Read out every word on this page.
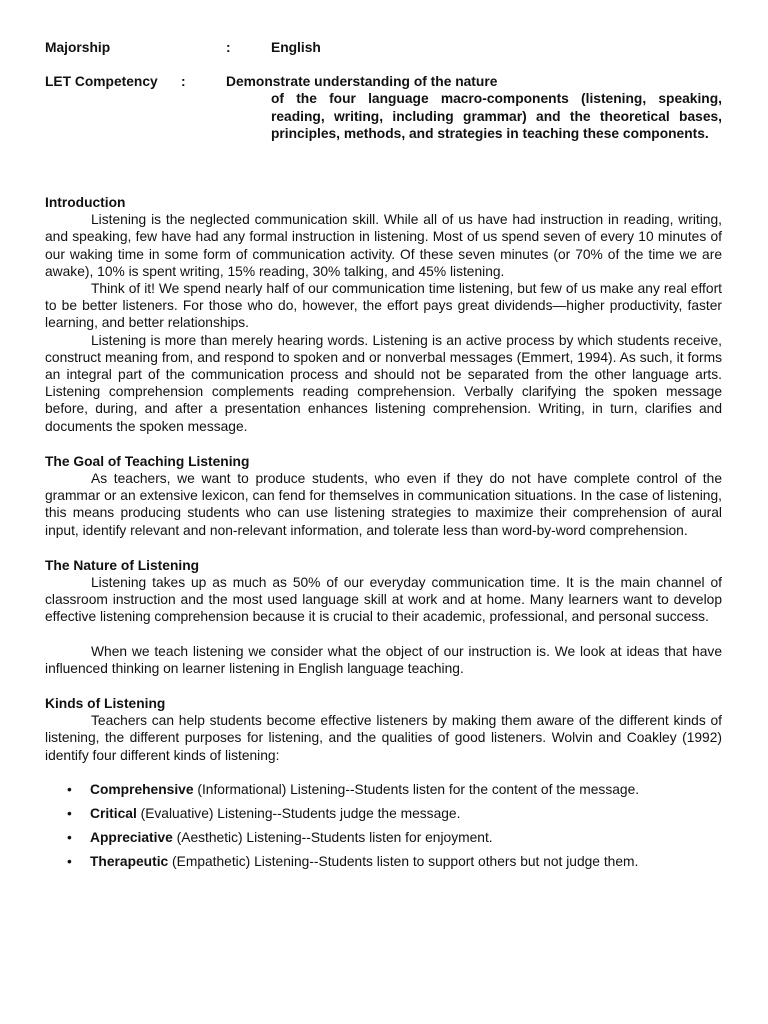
Majorship	:	English
LET Competency :	Demonstrate understanding of the nature
of the four language macro-components (listening, speaking, reading, writing, including grammar) and the theoretical bases, principles, methods, and strategies in teaching these components.
Introduction

Listening is the neglected communication skill. While all of us have had instruction in reading, writing, and speaking, few have had any formal instruction in listening. Most of us spend seven of every 10 minutes of our waking time in some form of communication activity. Of these seven minutes (or 70% of the time we are awake), 10% is spent writing, 15% reading, 30% talking, and 45% listening.

Think of it! We spend nearly half of our communication time listening, but few of us make any real effort to be better listeners. For those who do, however, the effort pays great dividends—higher productivity, faster learning, and better relationships.

Listening is more than merely hearing words. Listening is an active process by which students receive, construct meaning from, and respond to spoken and or nonverbal messages (Emmert, 1994). As such, it forms an integral part of the communication process and should not be separated from the other language arts. Listening comprehension complements reading comprehension. Verbally clarifying the spoken message before, during, and after a presentation enhances listening comprehension. Writing, in turn, clarifies and documents the spoken message.

The Goal of Teaching Listening

As teachers, we want to produce students, who even if they do not have complete control of the grammar or an extensive lexicon, can fend for themselves in communication situations. In the case of listening, this means producing students who can use listening strategies to maximize their comprehension of aural input, identify relevant and non-relevant information, and tolerate less than word-by-word comprehension.

The Nature of Listening

Listening takes up as much as 50% of our everyday communication time. It is the main channel of classroom instruction and the most used language skill at work and at home. Many learners want to develop effective listening comprehension because it is crucial to their academic, professional, and personal success.

When we teach listening we consider what the object of our instruction is. We look at ideas that have influenced thinking on learner listening in English language teaching.

Kinds of Listening

Teachers can help students become effective listeners by making them aware of the different kinds of listening, the different purposes for listening, and the qualities of good listeners. Wolvin and Coakley (1992) identify four different kinds of listening:

• Comprehensive (Informational) Listening--Students listen for the content of the message.
• Critical (Evaluative) Listening--Students judge the message.
• Appreciative (Aesthetic) Listening--Students listen for enjoyment.
• Therapeutic (Empathetic) Listening--Students listen to support others but not judge them.
